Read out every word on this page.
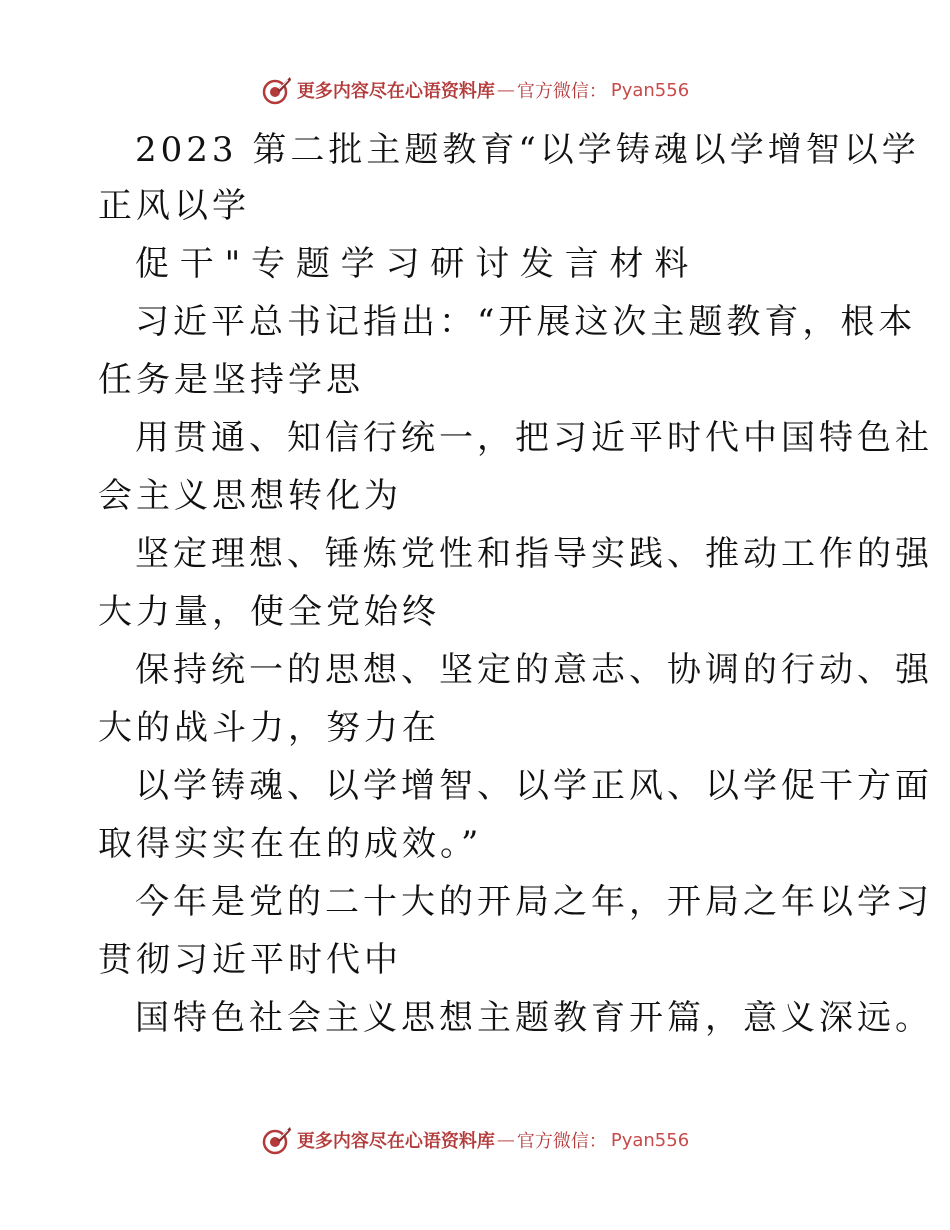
更多内容尽在心语资料库 — 官方微信： Pyan556
2023 第二批主题教育“以学铸魂以学增智以学
正风以学
促 干 " 专 题 学 习 研 讨 发 言 材 料
习近平总书记指出：“开展这次主题教育，根本
任务是坚持学思
用贯通、知信行统一，把习近平时代中国特色社
会主义思想转化为
坚定理想、锤炼党性和指导实践、推动工作的强
大力量，使全党始终
保持统一的思想、坚定的意志、协调的行动、强
大的战斗力，努力在
以学铸魂、以学增智、以学正风、以学促干方面
取得实实在在的成效。”
今年是党的二十大的开局之年，开局之年以学习
贯彻习近平时代中
国特色社会主义思想主题教育开篇，意义深远。
更多内容尽在心语资料库 — 官方微信： Pyan556
